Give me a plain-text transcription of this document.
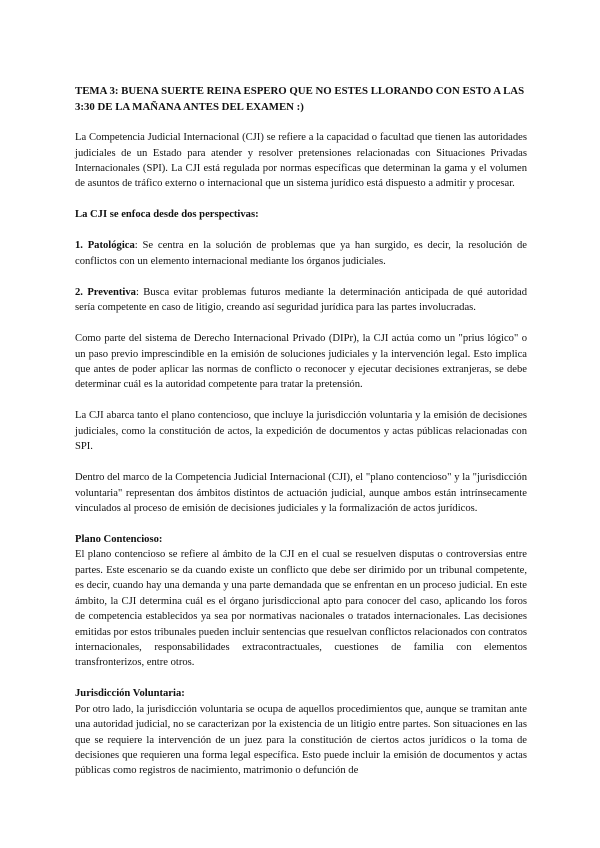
TEMA 3: BUENA SUERTE REINA ESPERO QUE NO ESTES LLORANDO CON ESTO A LAS 3:30 DE LA MAÑANA ANTES DEL EXAMEN :)

La Competencia Judicial Internacional (CJI) se refiere a la capacidad o facultad que tienen las autoridades judiciales de un Estado para atender y resolver pretensiones relacionadas con Situaciones Privadas Internacionales (SPI). La CJI está regulada por normas específicas que determinan la gama y el volumen de asuntos de tráfico externo o internacional que un sistema jurídico está dispuesto a admitir y procesar.

La CJI se enfoca desde dos perspectivas:

1. Patológica: Se centra en la solución de problemas que ya han surgido, es decir, la resolución de conflictos con un elemento internacional mediante los órganos judiciales.

2. Preventiva: Busca evitar problemas futuros mediante la determinación anticipada de qué autoridad sería competente en caso de litigio, creando así seguridad jurídica para las partes involucradas.

Como parte del sistema de Derecho Internacional Privado (DIPr), la CJI actúa como un "prius lógico" o un paso previo imprescindible en la emisión de soluciones judiciales y la intervención legal. Esto implica que antes de poder aplicar las normas de conflicto o reconocer y ejecutar decisiones extranjeras, se debe determinar cuál es la autoridad competente para tratar la pretensión.

La CJI abarca tanto el plano contencioso, que incluye la jurisdicción voluntaria y la emisión de decisiones judiciales, como la constitución de actos, la expedición de documentos y actas públicas relacionadas con SPI.

Dentro del marco de la Competencia Judicial Internacional (CJI), el "plano contencioso" y la "jurisdicción voluntaria" representan dos ámbitos distintos de actuación judicial, aunque ambos están intrínsecamente vinculados al proceso de emisión de decisiones judiciales y la formalización de actos jurídicos.

Plano Contencioso:

El plano contencioso se refiere al ámbito de la CJI en el cual se resuelven disputas o controversias entre partes. Este escenario se da cuando existe un conflicto que debe ser dirimido por un tribunal competente, es decir, cuando hay una demanda y una parte demandada que se enfrentan en un proceso judicial. En este ámbito, la CJI determina cuál es el órgano jurisdiccional apto para conocer del caso, aplicando los foros de competencia establecidos ya sea por normativas nacionales o tratados internacionales. Las decisiones emitidas por estos tribunales pueden incluir sentencias que resuelvan conflictos relacionados con contratos internacionales, responsabilidades extracontractuales, cuestiones de familia con elementos transfronterizos, entre otros.

Jurisdicción Voluntaria:

Por otro lado, la jurisdicción voluntaria se ocupa de aquellos procedimientos que, aunque se tramitan ante una autoridad judicial, no se caracterizan por la existencia de un litigio entre partes. Son situaciones en las que se requiere la intervención de un juez para la constitución de ciertos actos jurídicos o la toma de decisiones que requieren una forma legal específica. Esto puede incluir la emisión de documentos y actas públicas como registros de nacimiento, matrimonio o defunción de
